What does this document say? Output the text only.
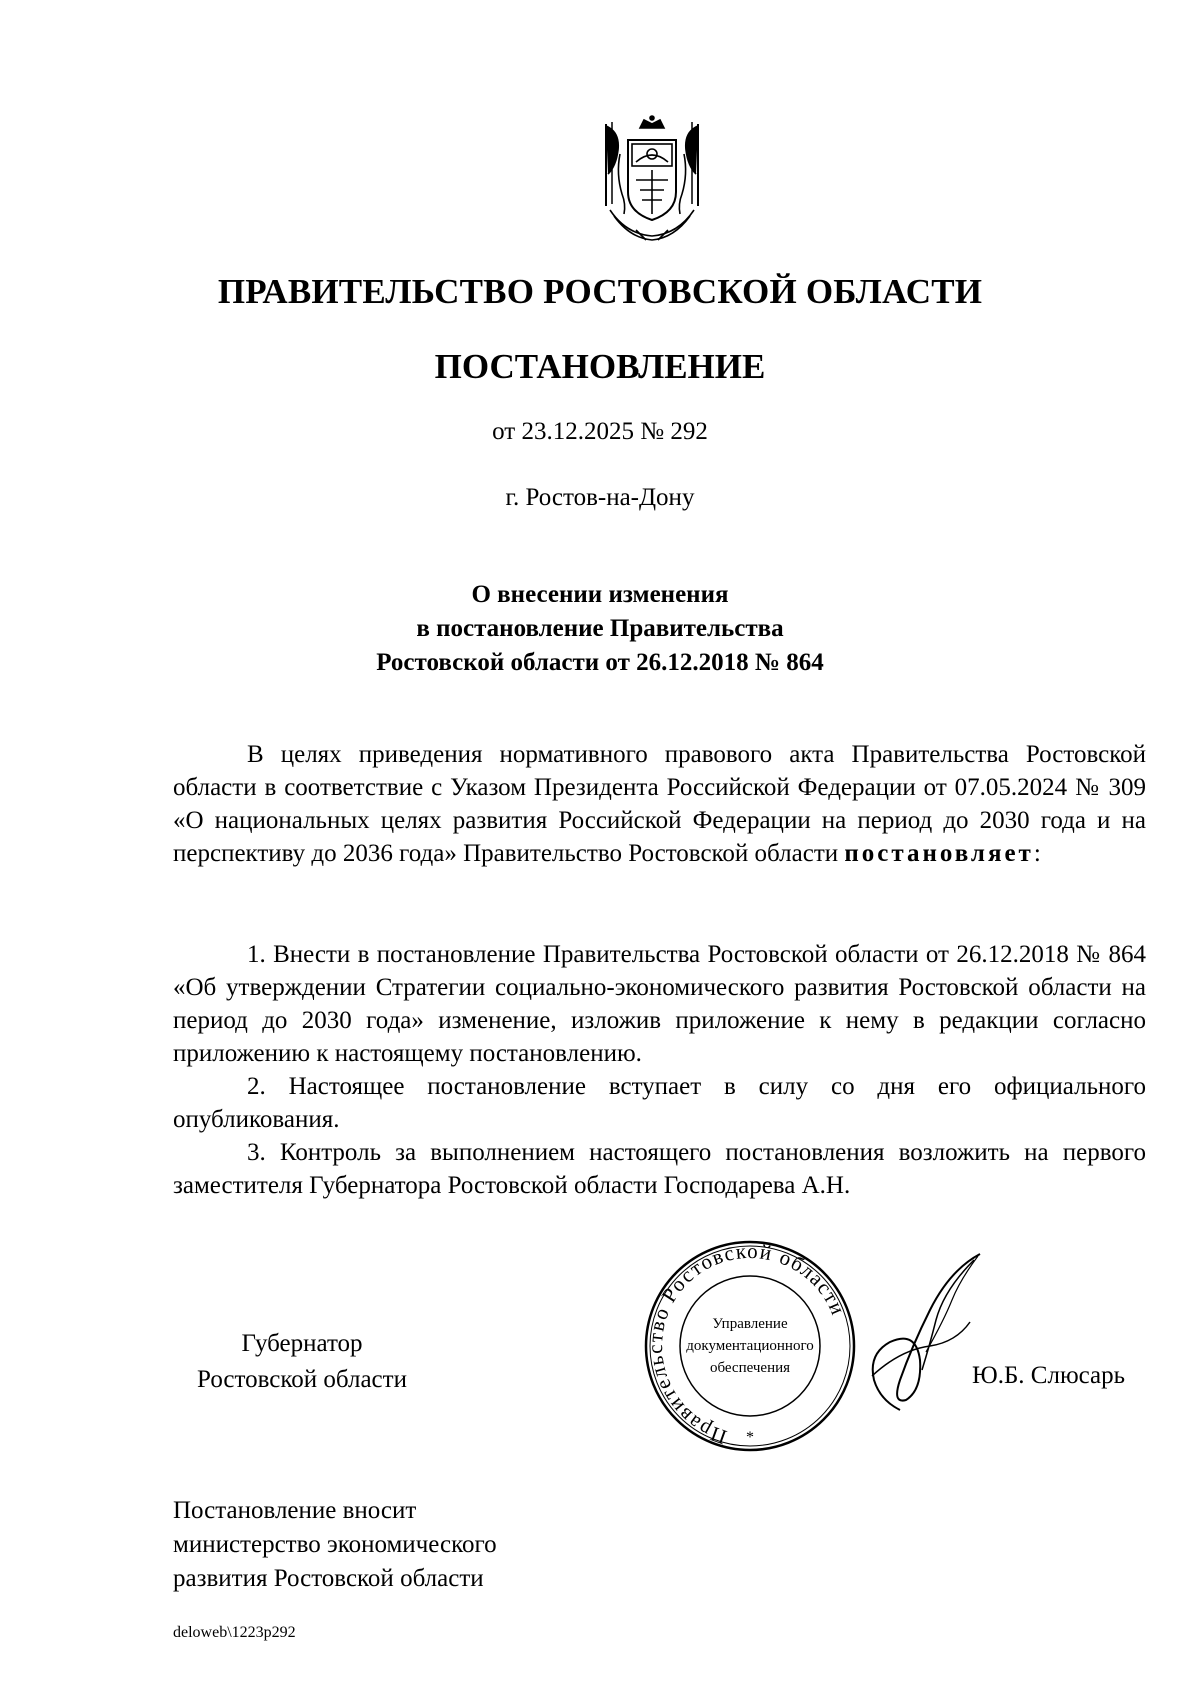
ПРАВИТЕЛЬСТВО РОСТОВСКОЙ ОБЛАСТИ
ПОСТАНОВЛЕНИЕ
от 23.12.2025 № 292
г. Ростов-на-Дону
О внесении изменения
в постановление Правительства
Ростовской области от 26.12.2018 № 864

В целях приведения нормативного правового акта Правительства Ростовской области в соответствие с Указом Президента Российской Федерации от 07.05.2024 № 309 «О национальных целях развития Российской Федерации на период до 2030 года и на перспективу до 2036 года» Правительство Ростовской области постановляет:

1. Внести в постановление Правительства Ростовской области от 26.12.2018 № 864 «Об утверждении Стратегии социально-экономического развития Ростовской области на период до 2030 года» изменение, изложив приложение к нему в редакции согласно приложению к настоящему постановлению.

2. Настоящее постановление вступает в силу со дня его официального опубликования.

3. Контроль за выполнением настоящего постановления возложить на первого заместителя Губернатора Ростовской области Господарева А.Н.

Губернатор
Ростовской области
Правительство Ростовской области
Управление
документационного
обеспечения
*
Ю.Б. Слюсарь
Постановление вносит
министерство экономического
развития Ростовской области
deloweb\1223p292
